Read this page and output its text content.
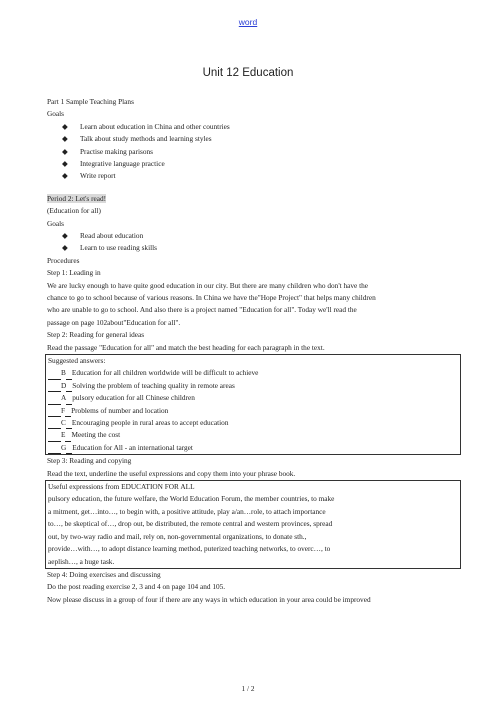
word
Unit 12 Education
Part 1 Sample Teaching Plans
Goals
◆	Learn about education in China and other countries
◆	Talk about study methods and learning styles
◆	Practise making parisons
◆	Integrative language practice
◆	Write report
Period 2: Let's read!
(Education for all)
Goals
◆	Read about education
◆	Learn to use reading skills
Procedures
Step 1: Leading in
We are lucky enough to have quite good education in our city. But there are many children who don't have the
chance to go to school because of various reasons. In China we have the"Hope Project" that helps many children
who are unable to go to school. And also there is a project named "Education for all". Today we'll read the
passage on page 102about"Education for all".
Step 2: Reading for general ideas
Read the passage "Education for all" and match the best heading for each paragraph in the text.
Suggested answers:
B Education for all children worldwide will be difficult to achieve
D Solving the problem of teaching quality in remote areas
A pulsory education for all Chinese children
F Problems of number and location
C Encouraging people in rural areas to accept education
E Meeting the cost
G Education for All - an international target
Step 3: Reading and copying
Read the text, underline the useful expressions and copy them into your phrase book.
Useful expressions from EDUCATION FOR ALL
pulsory education, the future welfare, the World Education Forum, the member countries, to make
a mitment, get…into…, to begin with, a positive attitude, play a/an…role, to attach importance
to…, be skeptical of…, drop out, be distributed, the remote central and western provinces, spread
out, by two-way radio and mail, rely on, non-governmental organizations, to donate sth.,
provide…with…, to adopt distance learning method, puterized teaching networks, to overc…, to
aeplish…, a huge task.
Step 4: Doing exercises and discussing
Do the post reading exercise 2, 3 and 4 on page 104 and 105.
Now please discuss in a group of four if there are any ways in which education in your area could be improved
1 / 2
